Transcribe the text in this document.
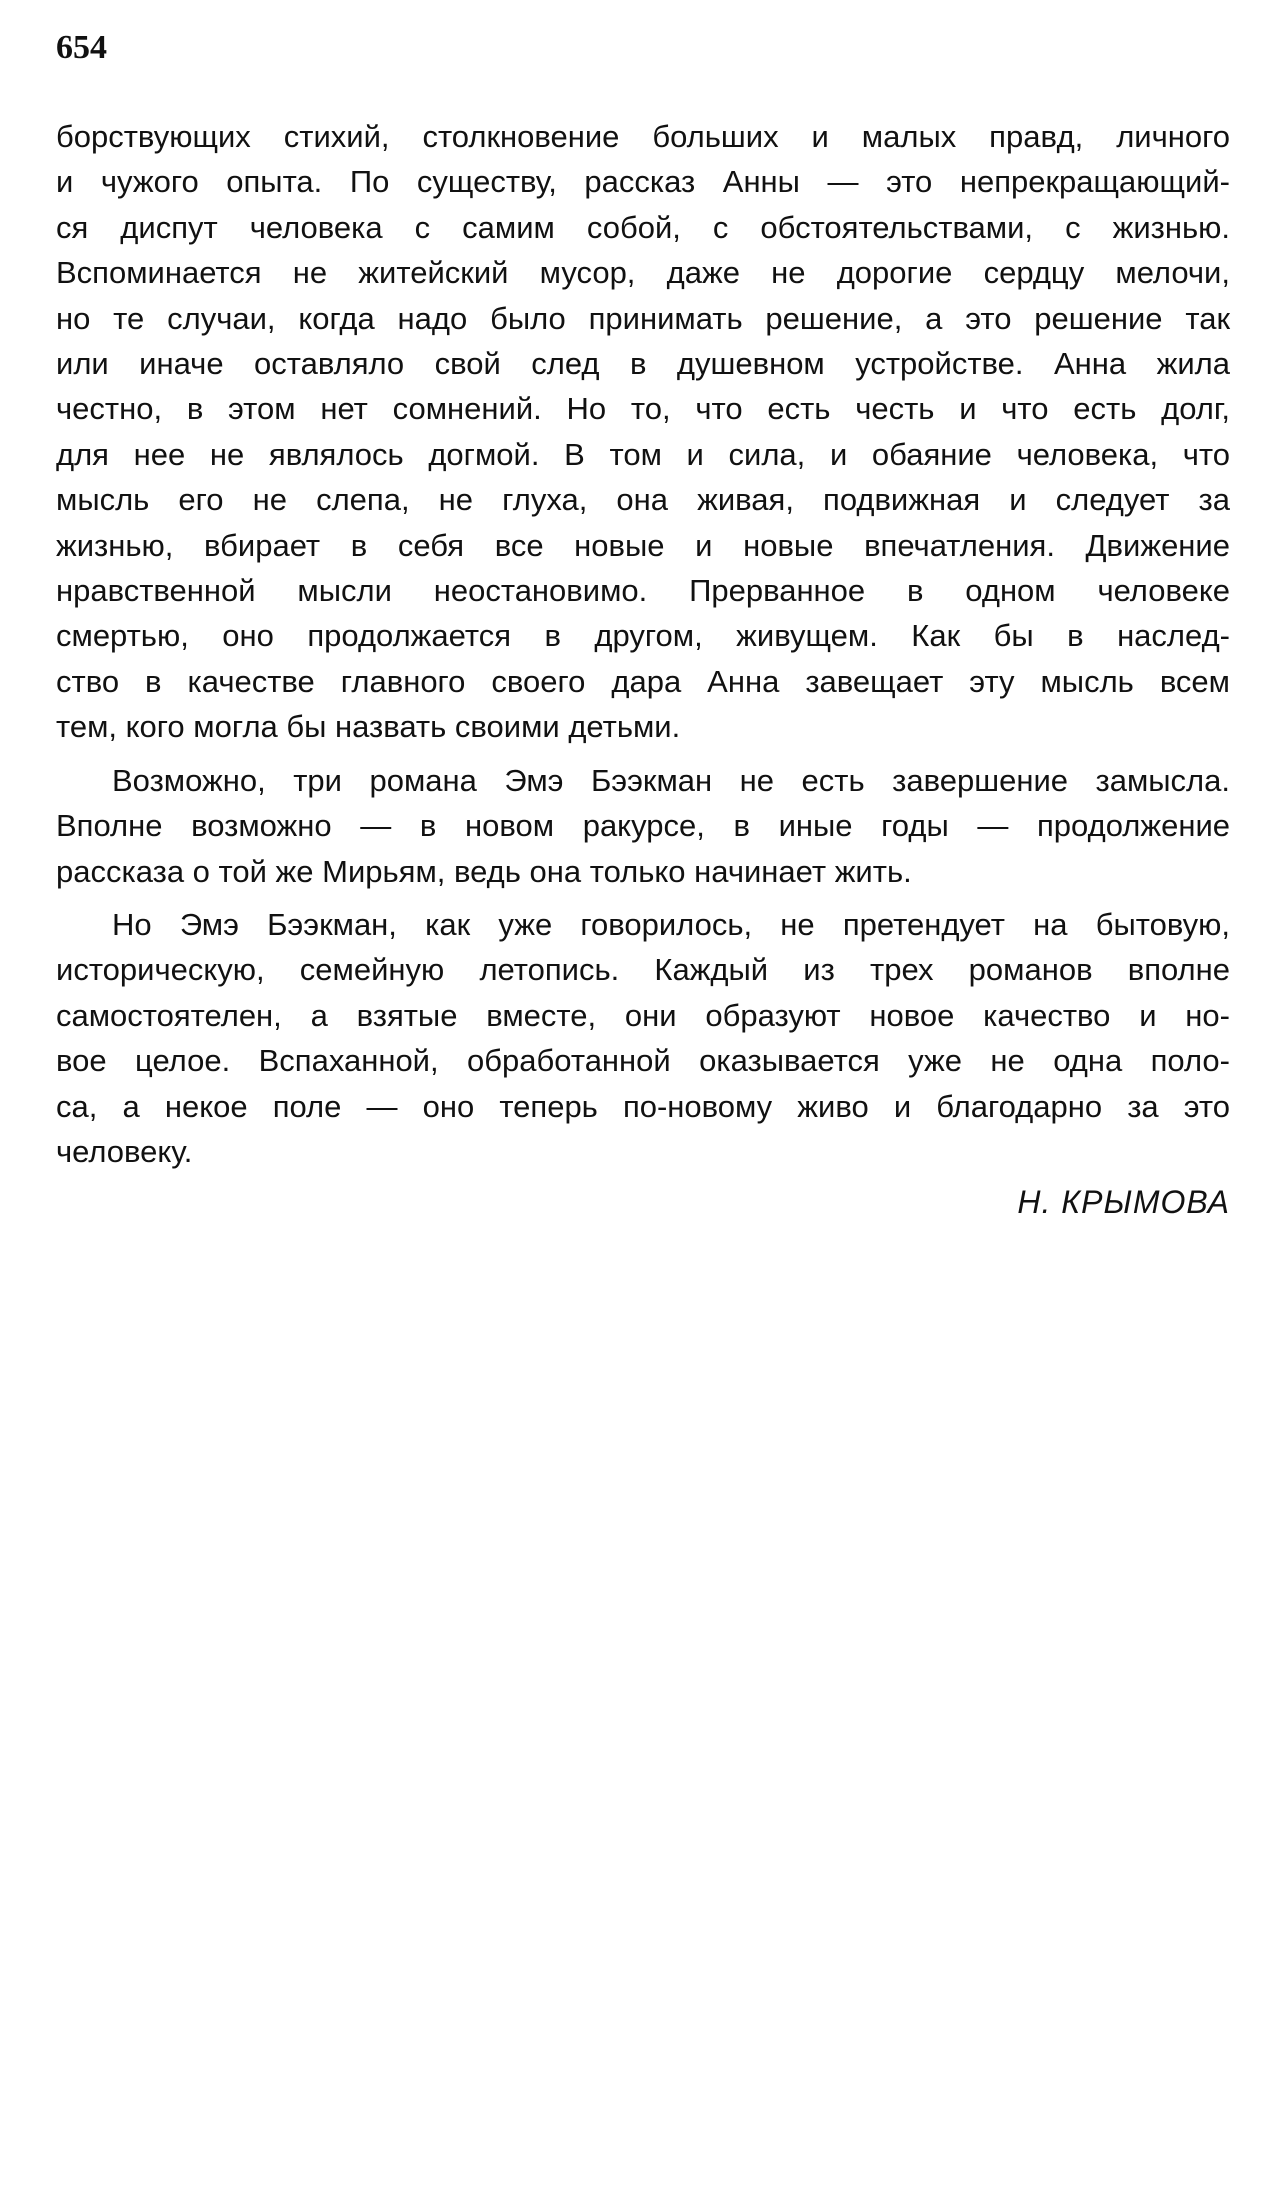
654

борствующих стихий, столкновение больших и малых правд, личного
и чужого опыта. По существу, рассказ Анны — это непрекращающий-
ся диспут человека с самим собой, с обстоятельствами, с жизнью.
Вспоминается не житейский мусор, даже не дорогие сердцу мелочи,
но те случаи, когда надо было принимать решение, а это решение так
или иначе оставляло свой след в душевном устройстве. Анна жила
честно, в этом нет сомнений. Но то, что есть честь и что есть долг,
для нее не являлось догмой. В том и сила, и обаяние человека, что
мысль его не слепа, не глуха, она живая, подвижная и следует за
жизнью, вбирает в себя все новые и новые впечатления. Движение
нравственной мысли неостановимо. Прерванное в одном человеке
смертью, оно продолжается в другом, живущем. Как бы в наслед-
ство в качестве главного своего дара Анна завещает эту мысль всем
тем, кого могла бы назвать своими детьми.

Возможно, три романа Эмэ Бээкман не есть завершение замысла.
Вполне возможно — в новом ракурсе, в иные годы — продолжение
рассказа о той же Мирьям, ведь она только начинает жить.

Но Эмэ Бээкман, как уже говорилось, не претендует на бытовую,
историческую, семейную летопись. Каждый из трех романов вполне
самостоятелен, а взятые вместе, они образуют новое качество и но-
вое целое. Вспаханной, обработанной оказывается уже не одна поло-
са, а некое поле — оно теперь по-новому живо и благодарно за это
человеку.

Н. КРЫМОВА
